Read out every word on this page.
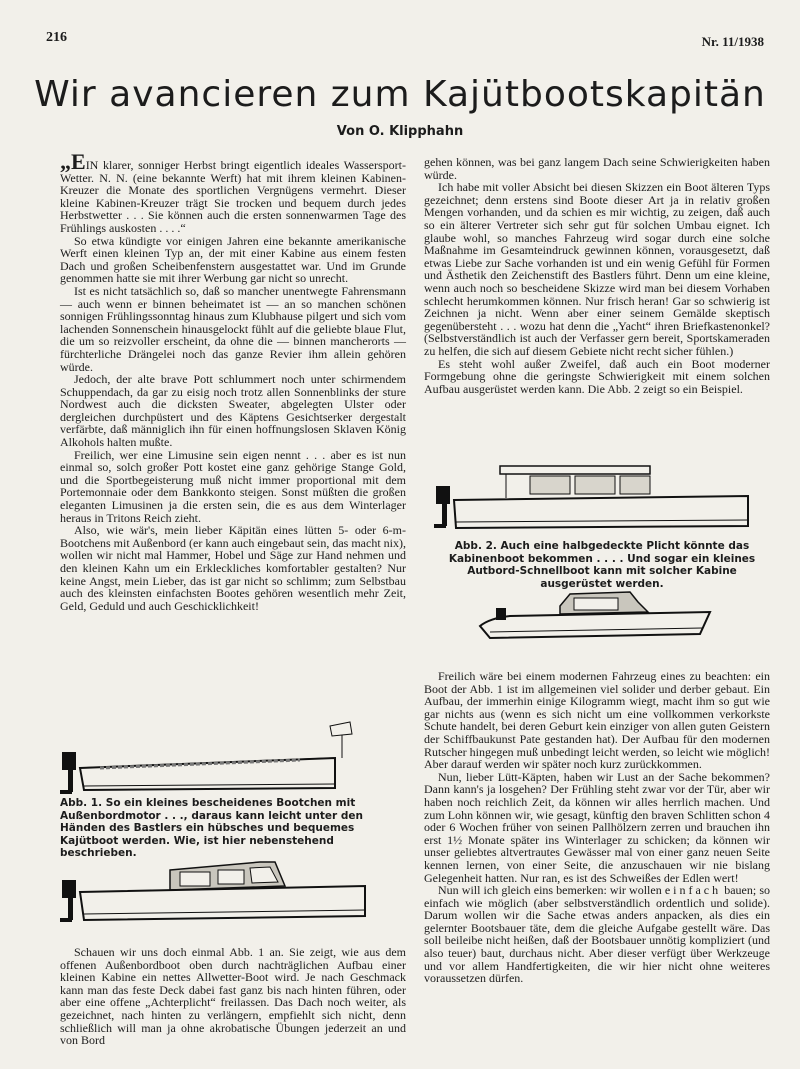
216	Nr. 11/1938
Wir avancieren zum Kajütbootskapitän
Von O. Klipphahn

„EIN klarer, sonniger Herbst bringt eigentlich ideales Wassersport-Wetter. N. N. (eine bekannte Werft) hat mit ihrem kleinen Kabinen-Kreuzer die Monate des sportlichen Vergnügens vermehrt. Dieser kleine Kabinen-Kreuzer trägt Sie trocken und bequem durch jedes Herbstwetter . . . Sie können auch die ersten sonnenwarmen Tage des Frühlings auskosten . . . .“

So etwa kündigte vor einigen Jahren eine bekannte amerikanische Werft einen kleinen Typ an, der mit einer Kabine aus einem festen Dach und großen Scheibenfenstern ausgestattet war. Und im Grunde genommen hatte sie mit ihrer Werbung gar nicht so unrecht.

Ist es nicht tatsächlich so, daß so mancher unentwegte Fahrensmann — auch wenn er binnen beheimatet ist — an so manchen schönen sonnigen Frühlingssonntag hinaus zum Klubhause pilgert und sich vom lachenden Sonnenschein hinausgelockt fühlt auf die geliebte blaue Flut, die um so reizvoller erscheint, da ohne die — binnen mancherorts — fürchterliche Drängelei noch das ganze Revier ihm allein gehören würde.

Jedoch, der alte brave Pott schlummert noch unter schirmendem Schuppendach, da gar zu eisig noch trotz allen Sonnenblinks der sture Nordwest auch die dicksten Sweater, abgelegten Ulster oder dergleichen durchpüstert und des Käptens Gesichtserker dergestalt verfärbte, daß männiglich ihn für einen hoffnungslosen Sklaven König Alkohols halten mußte.

Freilich, wer eine Limusine sein eigen nennt . . . aber es ist nun einmal so, solch großer Pott kostet eine ganz gehörige Stange Gold, und die Sportbegeisterung muß nicht immer proportional mit dem Portemonnaie oder dem Bankkonto steigen. Sonst müßten die großen eleganten Limusinen ja die ersten sein, die es aus dem Winterlager heraus in Tritons Reich zieht.

Also, wie wär's, mein lieber Käpitän eines lütten 5- oder 6-m-Bootchens mit Außenbord (er kann auch eingebaut sein, das macht nix), wollen wir nicht mal Hammer, Hobel und Säge zur Hand nehmen und den kleinen Kahn um ein Erkleckliches komfortabler gestalten? Nur keine Angst, mein Lieber, das ist gar nicht so schlimm; zum Selbstbau auch des kleinsten einfachsten Bootes gehören wesentlich mehr Zeit, Geld, Geduld und auch Geschicklichkeit!

Abb. 1. So ein kleines bescheidenes Bootchen mit Außenbordmotor . . ., daraus kann leicht unter den Händen des Bastlers ein hübsches und bequemes Kajütboot werden. Wie, ist hier nebenstehend beschrieben.

Schauen wir uns doch einmal Abb. 1 an. Sie zeigt, wie aus dem offenen Außenbordboot oben durch nachträglichen Aufbau einer kleinen Kabine ein nettes Allwetter-Boot wird. Je nach Geschmack kann man das feste Deck dabei fast ganz bis nach hinten führen, oder aber eine offene „Achterplicht“ freilassen. Das Dach noch weiter, als gezeichnet, nach hinten zu verlängern, empfiehlt sich nicht, denn schließlich will man ja ohne akrobatische Übungen jederzeit an und von Bord

gehen können, was bei ganz langem Dach seine Schwierigkeiten haben würde.

Ich habe mit voller Absicht bei diesen Skizzen ein Boot älteren Typs gezeichnet; denn erstens sind Boote dieser Art ja in relativ großen Mengen vorhanden, und da schien es mir wichtig, zu zeigen, daß auch so ein älterer Vertreter sich sehr gut für solchen Umbau eignet. Ich glaube wohl, so manches Fahrzeug wird sogar durch eine solche Maßnahme im Gesamteindruck gewinnen können, vorausgesetzt, daß etwas Liebe zur Sache vorhanden ist und ein wenig Gefühl für Formen und Ästhetik den Zeichenstift des Bastlers führt. Denn um eine kleine, wenn auch noch so bescheidene Skizze wird man bei diesem Vorhaben schlecht herumkommen können. Nur frisch heran! Gar so schwierig ist Zeichnen ja nicht. Wenn aber einer seinem Gemälde skeptisch gegenübersteht . . . wozu hat denn die „Yacht“ ihren Briefkastenonkel? (Selbstverständlich ist auch der Verfasser gern bereit, Sportskameraden zu helfen, die sich auf diesem Gebiete nicht recht sicher fühlen.)

Es steht wohl außer Zweifel, daß auch ein Boot moderner Formgebung ohne die geringste Schwierigkeit mit einem solchen Aufbau ausgerüstet werden kann. Die Abb. 2 zeigt so ein Beispiel.

Abb. 2. Auch eine halbgedeckte Plicht könnte das Kabinenboot bekommen . . . . Und sogar ein kleines Autbord-Schnellboot kann mit solcher Kabine ausgerüstet werden.

Freilich wäre bei einem modernen Fahrzeug eines zu beachten: ein Boot der Abb. 1 ist im allgemeinen viel solider und derber gebaut. Ein Aufbau, der immerhin einige Kilogramm wiegt, macht ihm so gut wie gar nichts aus (wenn es sich nicht um eine vollkommen verkorkste Schute handelt, bei deren Geburt kein einziger von allen guten Geistern der Schiffbaukunst Pate gestanden hat). Der Aufbau für den modernen Rutscher hingegen muß unbedingt leicht werden, so leicht wie möglich! Aber darauf werden wir später noch kurz zurückkommen.

Nun, lieber Lütt-Käpten, haben wir Lust an der Sache bekommen? Dann kann's ja losgehen? Der Frühling steht zwar vor der Tür, aber wir haben noch reichlich Zeit, da können wir alles herrlich machen. Und zum Lohn können wir, wie gesagt, künftig den braven Schlitten schon 4 oder 6 Wochen früher von seinen Pallhölzern zerren und brauchen ihn erst 1½ Monate später ins Winterlager zu schicken; da können wir unser geliebtes altvertrautes Gewässer mal von einer ganz neuen Seite kennen lernen, von einer Seite, die anzuschauen wir nie bislang Gelegenheit hatten. Nur ran, es ist des Schweißes der Edlen wert!

Nun will ich gleich eins bemerken: wir wollen einfach bauen; so einfach wie möglich (aber selbstverständlich ordentlich und solide). Darum wollen wir die Sache etwas anders anpacken, als dies ein gelernter Bootsbauer täte, dem die gleiche Aufgabe gestellt wäre. Das soll beileibe nicht heißen, daß der Bootsbauer unnötig kompliziert (und also teuer) baut, durchaus nicht. Aber dieser verfügt über Werkzeuge und vor allem Handfertigkeiten, die wir hier nicht ohne weiteres voraussetzen dürfen.
